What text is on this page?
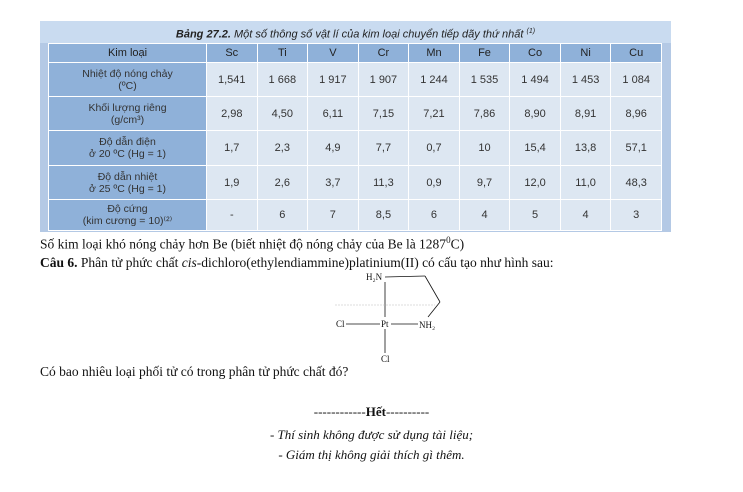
Bảng 27.2. Một số thông số vật lí của kim loại chuyển tiếp dãy thứ nhất $^{(1)}$
Kim loại	Sc	Ti	V	Cr	Mn	Fe	Co	Ni	Cu
Nhiệt độ nóng chảy
(ºC)	1,541	1 668	1 917	1 907	1 244	1 535	1 494	1 453	1 084
Khối lượng riêng
(g/cm³)	2,98	4,50	6,11	7,15	7,21	7,86	8,90	8,91	8,96
Độ dẫn điện
ở 20 ºC (Hg = 1)	1,7	2,3	4,9	7,7	0,7	10	15,4	13,8	57,1
Độ dẫn nhiệt
ở 25 ºC (Hg = 1)	1,9	2,6	3,7	11,3	0,9	9,7	12,0	11,0	48,3
Độ cứng
(kim cương = 10)⁽²⁾	-	6	7	8,5	6	4	5	4	3
Số kim loại khó nóng chảy hơn Be (biết nhiệt độ nóng chảy của Be là 1287$^0$C)
Câu 6. Phân tử phức chất cis-dichloro(ethylendiammine)platinium(II) có cấu tạo như hình sau:
H₂N
Cl	Pt	NH₂
Cl
Có bao nhiêu loại phối tử có trong phân tử phức chất đó?
------------Hết----------
- Thí sinh không được sử dụng tài liệu;
- Giám thị không giải thích gì thêm.
